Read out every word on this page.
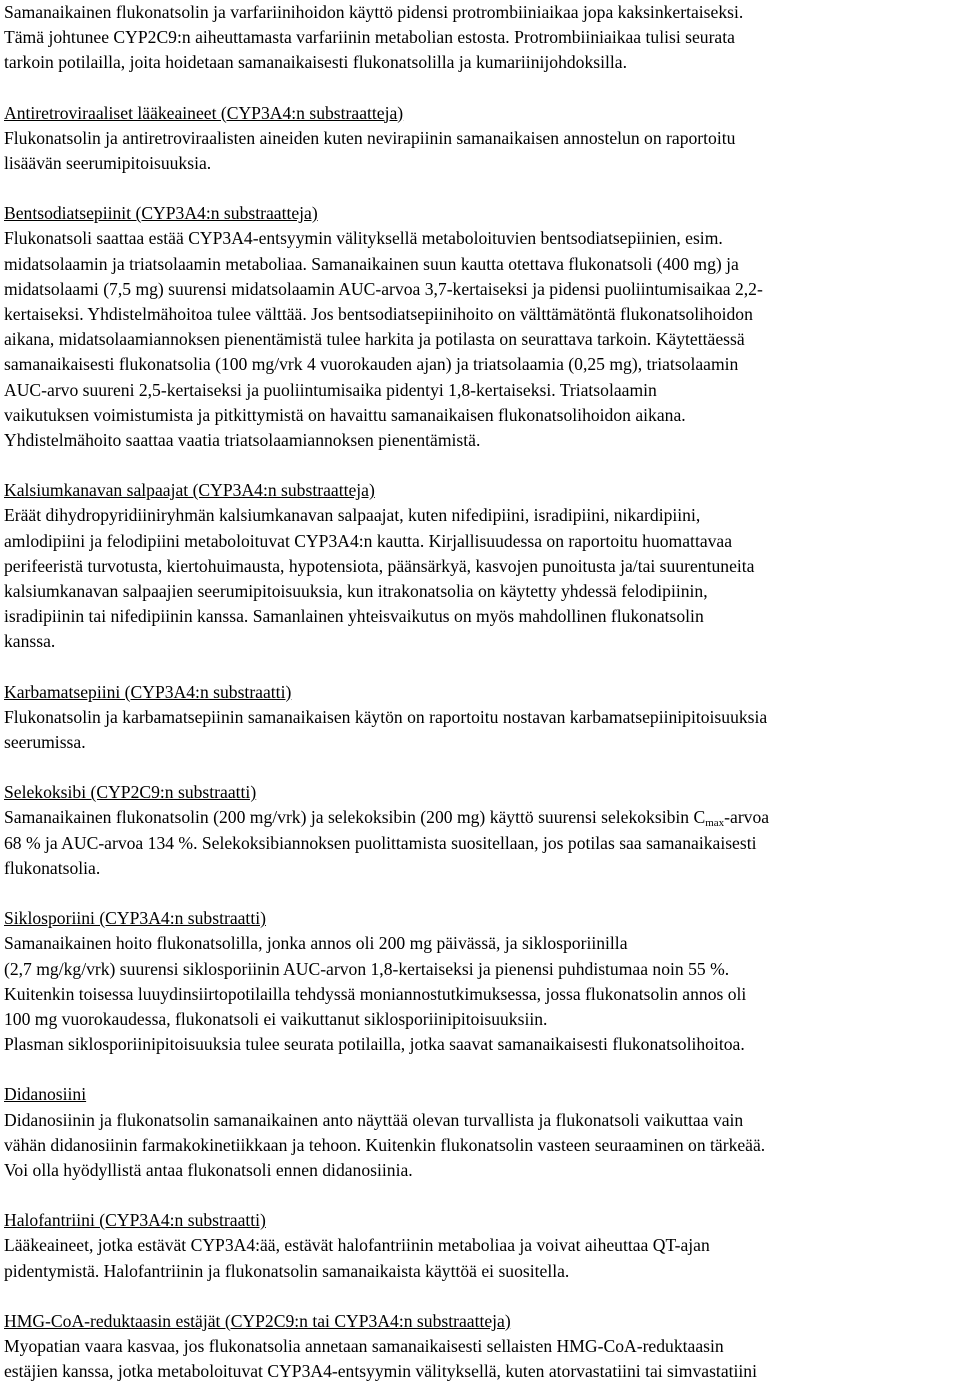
Samanaikainen flukonatsolin ja varfariinihoidon käyttö pidensi protrombiiniaikaa jopa kaksinkertaiseksi.
Tämä johtunee CYP2C9:n aiheuttamasta varfariinin metabolian estosta. Protrombiiniaikaa tulisi seurata
tarkoin potilailla, joita hoidetaan samanaikaisesti flukonatsolilla ja kumariinijohdoksilla.
Antiretroviraaliset lääkeaineet (CYP3A4:n substraatteja)
Flukonatsolin ja antiretroviraalisten aineiden kuten nevirapiinin samanaikaisen annostelun on raportoitu
lisäävän seerumipitoisuuksia.
Bentsodiatsepiinit (CYP3A4:n substraatteja)
Flukonatsoli saattaa estää CYP3A4-entsyymin välityksellä metaboloituvien bentsodiatsepiinien, esim.
midatsolaamin ja triatsolaamin metaboliaa. Samanaikainen suun kautta otettava flukonatsoli (400 mg) ja
midatsolaami (7,5 mg) suurensi midatsolaamin AUC-arvoa 3,7-kertaiseksi ja pidensi puoliintumisaikaa 2,2-
kertaiseksi. Yhdistelmähoitoa tulee välttää. Jos bentsodiatsepiinihoito on välttämätöntä flukonatsolihoidon
aikana, midatsolaamiannoksen pienentämistä tulee harkita ja potilasta on seurattava tarkoin. Käytettäessä
samanaikaisesti flukonatsolia (100 mg/vrk 4 vuorokauden ajan) ja triatsolaamia (0,25 mg), triatsolaamin
AUC-arvo suureni 2,5-kertaiseksi ja puoliintumisaika pidentyi 1,8-kertaiseksi. Triatsolaamin
vaikutuksen voimistumista ja pitkittymistä on havaittu samanaikaisen flukonatsolihoidon aikana.
Yhdistelmähoito saattaa vaatia triatsolaamiannoksen pienentämistä.
Kalsiumkanavan salpaajat (CYP3A4:n substraatteja)
Eräät dihydropyridiiniryhmän kalsiumkanavan salpaajat, kuten nifedipiini, isradipiini, nikardipiini,
amlodipiini ja felodipiini metaboloituvat CYP3A4:n kautta. Kirjallisuudessa on raportoitu huomattavaa
perifeeristä turvotusta, kiertohuimausta, hypotensiota, päänsärkyä, kasvojen punoitusta ja/tai suurentuneita
kalsiumkanavan salpaajien seerumipitoisuuksia, kun itrakonatsolia on käytetty yhdessä felodipiinin,
isradipiinin tai nifedipiinin kanssa. Samanlainen yhteisvaikutus on myös mahdollinen flukonatsolin
kanssa.
Karbamatsepiini (CYP3A4:n substraatti)
Flukonatsolin ja karbamatsepiinin samanaikaisen käytön on raportoitu nostavan karbamatsepiinipitoisuuksia
seerumissa.
Selekoksibi (CYP2C9:n substraatti)
Samanaikainen flukonatsolin (200 mg/vrk) ja selekoksibin (200 mg) käyttö suurensi selekoksibin $C_{max}$-arvoa
68 % ja AUC-arvoa 134 %. Selekoksibiannoksen puolittamista suositellaan, jos potilas saa samanaikaisesti
flukonatsolia.
Siklosporiini (CYP3A4:n substraatti)
Samanaikainen hoito flukonatsolilla, jonka annos oli 200 mg päivässä, ja siklosporiinilla
(2,7 mg/kg/vrk) suurensi siklosporiinin AUC-arvon 1,8-kertaiseksi ja pienensi puhdistumaa noin 55 %.
Kuitenkin toisessa luuydinsiirtopotilailla tehdyssä moniannostutkimuksessa, jossa flukonatsolin annos oli
100 mg vuorokaudessa, flukonatsoli ei vaikuttanut siklosporiinipitoisuuksiin.
Plasman siklosporiinipitoisuuksia tulee seurata potilailla, jotka saavat samanaikaisesti flukonatsolihoitoa.
Didanosiini
Didanosiinin ja flukonatsolin samanaikainen anto näyttää olevan turvallista ja flukonatsoli vaikuttaa vain
vähän didanosiinin farmakokinetiikkaan ja tehoon. Kuitenkin flukonatsolin vasteen seuraaminen on tärkeää.
Voi olla hyödyllistä antaa flukonatsoli ennen didanosiinia.
Halofantriini (CYP3A4:n substraatti)
Lääkeaineet, jotka estävät CYP3A4:ää, estävät halofantriinin metaboliaa ja voivat aiheuttaa QT-ajan
pidentymistä. Halofantriinin ja flukonatsolin samanaikaista käyttöä ei suositella.
HMG-CoA-reduktaasin estäjät (CYP2C9:n tai CYP3A4:n substraatteja)
Myopatian vaara kasvaa, jos flukonatsolia annetaan samanaikaisesti sellaisten HMG-CoA-reduktaasin
estäjien kanssa, jotka metaboloituvat CYP3A4-entsyymin välityksellä, kuten atorvastatiini tai simvastatiini
